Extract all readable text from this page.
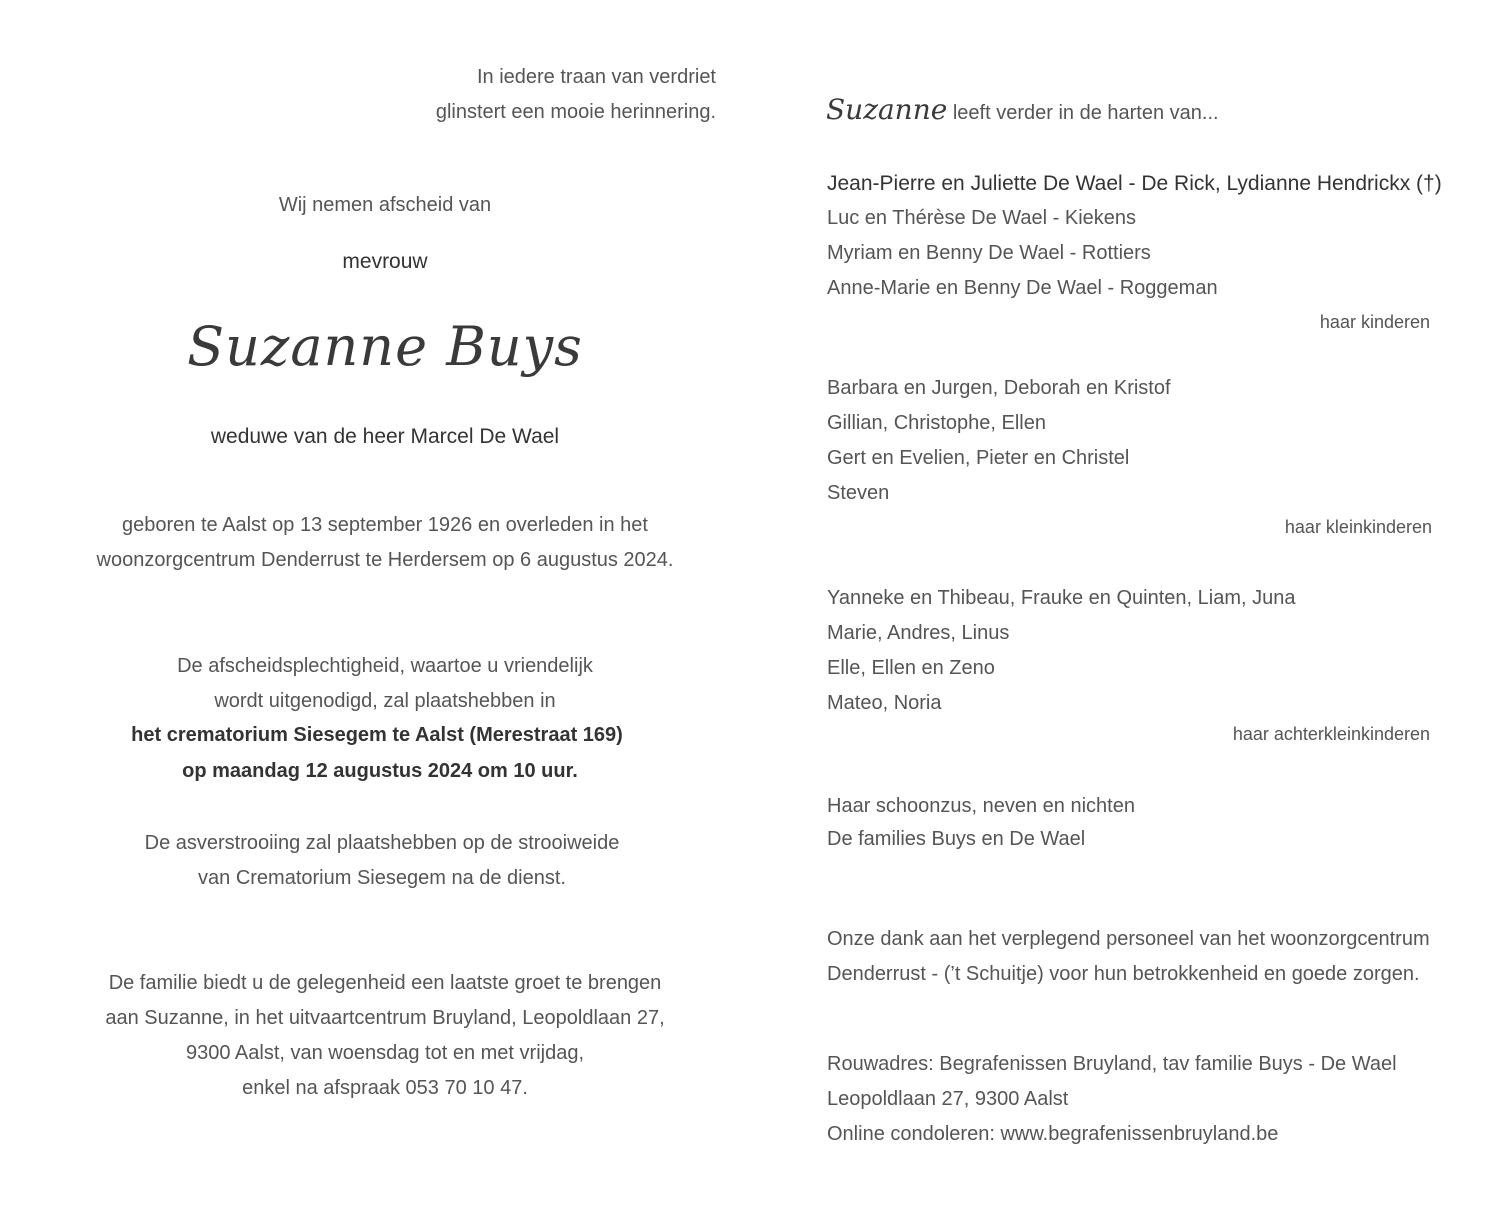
In iedere traan van verdriet
glinstert een mooie herinnering.
Wij nemen afscheid van
mevrouw
Suzanne Buys
weduwe van de heer Marcel De Wael
geboren te Aalst op 13 september 1926 en overleden in het
woonzorgcentrum Denderrust te Herdersem op 6 augustus 2024.
De afscheidsplechtigheid, waartoe u vriendelijk
wordt uitgenodigd, zal plaatshebben in
het crematorium Siesegem te Aalst (Merestraat 169)
op maandag 12 augustus 2024 om 10 uur.
De asverstrooiing zal plaatshebben op de strooiweide
van Crematorium Siesegem na de dienst.
De familie biedt u de gelegenheid een laatste groet te brengen
aan Suzanne, in het uitvaartcentrum Bruyland, Leopoldlaan 27,
9300 Aalst, van woensdag tot en met vrijdag,
enkel na afspraak 053 70 10 47.
Suzanne leeft verder in de harten van...
Jean-Pierre en Juliette De Wael - De Rick, Lydianne Hendrickx (†)
Luc en Thérèse De Wael - Kiekens
Myriam en Benny De Wael - Rottiers
Anne-Marie en Benny De Wael - Roggeman
haar kinderen
Barbara en Jurgen, Deborah en Kristof
Gillian, Christophe, Ellen
Gert en Evelien, Pieter en Christel
Steven
haar kleinkinderen
Yanneke en Thibeau, Frauke en Quinten, Liam, Juna
Marie, Andres, Linus
Elle, Ellen en Zeno
Mateo, Noria
haar achterkleinkinderen
Haar schoonzus, neven en nichten
De families Buys en De Wael
Onze dank aan het verplegend personeel van het woonzorgcentrum
Denderrust - (’t Schuitje) voor hun betrokkenheid en goede zorgen.
Rouwadres: Begrafenissen Bruyland, tav familie Buys - De Wael
Leopoldlaan 27, 9300 Aalst
Online condoleren: www.begrafenissenbruyland.be
